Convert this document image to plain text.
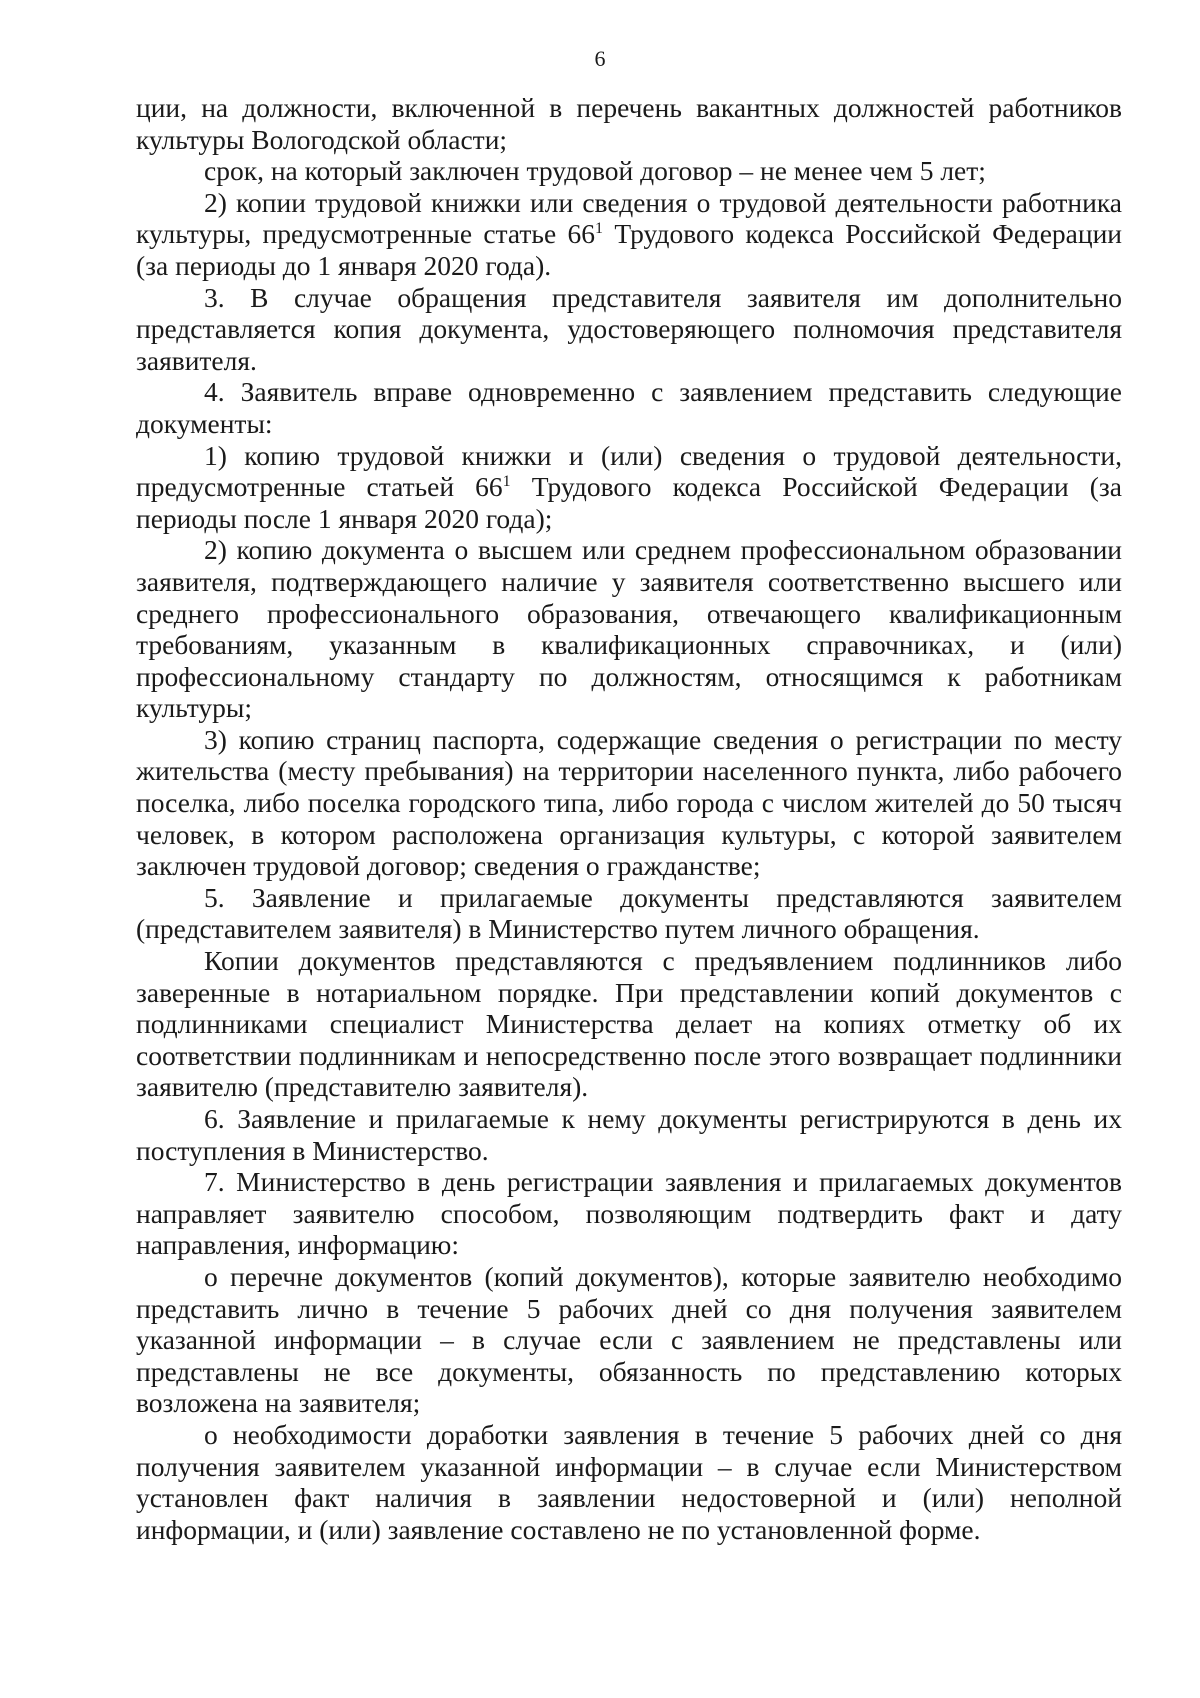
6

ции, на должности, включенной в перечень вакантных должностей работников культуры Вологодской области;

срок, на который заключен трудовой договор – не менее чем 5 лет;

2) копии трудовой книжки или сведения о трудовой деятельности работника культуры, предусмотренные статье $66^1$ Трудового кодекса Российской Федерации (за периоды до 1 января 2020 года).

3. В случае обращения представителя заявителя им дополнительно представляется копия документа, удостоверяющего полномочия представителя заявителя.

4. Заявитель вправе одновременно с заявлением представить следующие документы:

1) копию трудовой книжки и (или) сведения о трудовой деятельности, предусмотренные статьей $66^1$ Трудового кодекса Российской Федерации (за периоды после 1 января 2020 года);

2) копию документа о высшем или среднем профессиональном образовании заявителя, подтверждающего наличие у заявителя соответственно высшего или среднего профессионального образования, отвечающего квалификационным требованиям, указанным в квалификационных справочниках, и (или) профессиональному стандарту по должностям, относящимся к работникам культуры;

3) копию страниц паспорта, содержащие сведения о регистрации по месту жительства (месту пребывания) на территории населенного пункта, либо рабочего поселка, либо поселка городского типа, либо города с числом жителей до 50 тысяч человек, в котором расположена организация культуры, с которой заявителем заключен трудовой договор; сведения о гражданстве;

5. Заявление и прилагаемые документы представляются заявителем (представителем заявителя) в Министерство путем личного обращения.

Копии документов представляются с предъявлением подлинников либо заверенные в нотариальном порядке. При представлении копий документов с подлинниками специалист Министерства делает на копиях отметку об их соответствии подлинникам и непосредственно после этого возвращает подлинники заявителю (представителю заявителя).

6. Заявление и прилагаемые к нему документы регистрируются в день их поступления в Министерство.

7. Министерство в день регистрации заявления и прилагаемых документов направляет заявителю способом, позволяющим подтвердить факт и дату направления, информацию:

о перечне документов (копий документов), которые заявителю необходимо представить лично в течение 5 рабочих дней со дня получения заявителем указанной информации – в случае если с заявлением не представлены или представлены не все документы, обязанность по представлению которых возложена на заявителя;

о необходимости доработки заявления в течение 5 рабочих дней со дня получения заявителем указанной информации – в случае если Министерством установлен факт наличия в заявлении недостоверной и (или) неполной информации, и (или) заявление составлено не по установленной форме.
